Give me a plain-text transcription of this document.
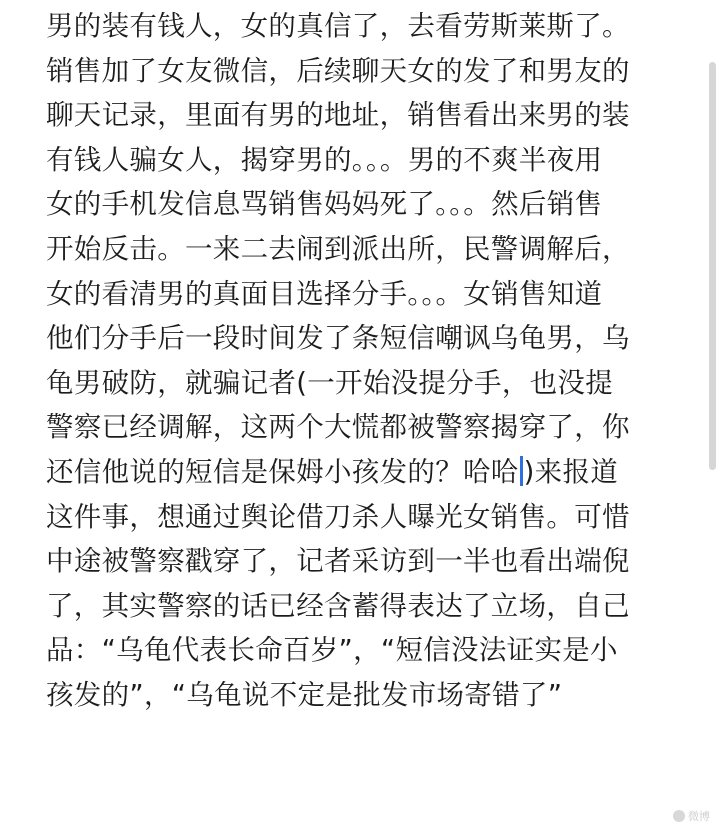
男的装有钱人，女的真信了，去看劳斯莱斯了。
销售加了女友微信，后续聊天女的发了和男友的
聊天记录，里面有男的地址，销售看出来男的装
有钱人骗女人，揭穿男的。。。男的不爽半夜用
女的手机发信息骂销售妈妈死了。。。然后销售
开始反击。一来二去闹到派出所，民警调解后，
女的看清男的真面目选择分手。。。女销售知道
他们分手后一段时间发了条短信嘲讽乌龟男，乌
龟男破防，就骗记者(一开始没提分手，也没提
警察已经调解，这两个大慌都被警察揭穿了，你
还信他说的短信是保姆小孩发的？哈哈 )来报道
这件事，想通过舆论借刀杀人曝光女销售。可惜
中途被警察戳穿了，记者采访到一半也看出端倪
了，其实警察的话已经含蓄得表达了立场，自己
品：“乌龟代表长命百岁”，“短信没法证实是小
孩发的”，“乌龟说不定是批发市场寄错了”
微博
